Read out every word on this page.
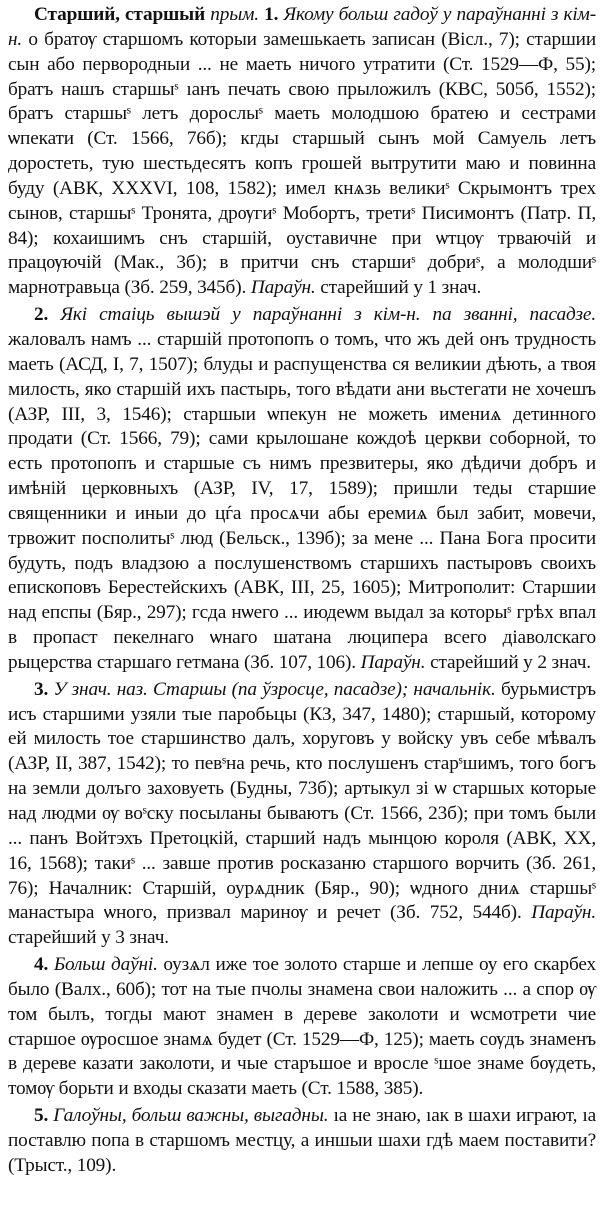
Старший, старшый прым. 1. Якому больш гадоў у параўнанні з кім-н. о братѹ старшомъ которыи замешькаеть записан (Вісл., 7); старшии сын або первородныи ... не маеть ничого утратити (Ст. 1529—Ф, 55); братъ нашъ старшыˢ ıанъ печать свою прыложилъ (КВС, 505б, 1552); братъ старшыˢ летъ дорослыˢ маеть молодшою братею и сестрами ѡпекати (Ст. 1566, 76б); кгды старшый сынъ мой Самуель летъ доростеть, тую шестьдесятъ копъ грошей вытрутити маю и повинна буду (АВК, XXXVI, 108, 1582); имел кнѧзь великиˢ Скрымонтъ трех сынов, старшыˢ Тронята, дрѹгиˢ Мобортъ, третиˢ Писимонтъ (Патр. П, 84); кохаишимъ снъ старшій, оуставичне при ѡтцѹ трваючій и працѹючій (Мак., 3б); в притчи снъ старшиˢ добриˢ, а молодшиˢ марнотравьца (Зб. 259, 345б). Параўн. старейший у 1 знач.

2. Які стаіць вышэй у параўнанні з кім-н. па званні, пасадзе. жаловалъ намъ ... старшій протопопъ о томъ, что жъ дей онъ трудность маеть (АСД, I, 7, 1507); блуды и распущенства ся великии дѣють, а твоя милость, яко старшій ихъ пастырь, того вѣдати ани вьстегати не хочешъ (АЗР, III, 3, 1546); старшыи ѡпекун не можеть имениѧ детинного продати (Ст. 1566, 79); сами крылошане кождоѣ церкви соборной, то есть протопопъ и старшые съ нимъ презвитеры, яко дѣдичи добръ и имѣній церковныхъ (АЗР, IV, 17, 1589); пришли теды старшие священники и иныи до цѓа просѧчи абы еремиѧ был забит, мовечи, трвожит посполитыˢ люд (Бельск., 139б); за мене ... Пана Бога просити будуть, подъ владзою а послушенствомъ старшихъ пастыровъ своихъ епископовъ Берестейскихъ (АВК, III, 25, 1605); Митрополит: Старшии над епспы (Бяр., 297); гсда нѡего ... июдеѡм выдал за которыˢ грѣх впал в пропаст пекелнаго ѡнаго шатана люципера всего діаволскаго рыцерства старшаго гетмана (Зб. 107, 106). Параўн. старейший у 2 знач.

3. У знач. наз. Старшы (па ўзросце, пасадзе); начальнік. бурьмистръ исъ старшими узяли тые паробьцы (КЗ, 347, 1480); старшый, которому ей милость тое старшинство далъ, хоруговъ у войску увъ себе мѣвалъ (АЗР, II, 387, 1542); то певˢна речь, кто послушенъ старˢшимъ, того богъ на земли долъго заховуеть (Будны, 73б); артыкул зі ѡ старшых которые над людми ѹ воˢску посыланы бываютъ (Ст. 1566, 23б); при томъ были ... панъ Войтэхъ Претоцкій, старший надъ мынцою короля (АВК, XX, 16, 1568); такиˢ ... завше против росказаню старшого ворчить (Зб. 261, 76); Началник: Старшій, оурѧдник (Бяр., 90); ѡдного дниѧ старшыˢ манастыра ѡного, призвал маринѹ и речет (Зб. 752, 544б). Параўн. старейший у 3 знач.

4. Больш даўні. оузѧл иже тое золото старше и лепше оу его скарбех было (Валх., 60б); тот на тые пчолы знамена свои наложить ... а спор ѹ том былъ, тогды мают знамен в дереве заколоти и ѡсмотрети чие старшое ѹросшое знамѧ будет (Ст. 1529—Ф, 125); маеть сѹдъ знаменъ в дереве казати заколоти, и чые старъшое и вросле ˢшое знаме бѹдеть, томѹ борьти и входы сказати маеть (Ст. 1588, 385).

5. Галоўны, больш важны, выгадны. ıа не знаю, ıак в шахи играют, ıа поставлю попа в старшомъ местцу, а иншыи шахи гдѣ маем поставити? (Трыст., 109).
